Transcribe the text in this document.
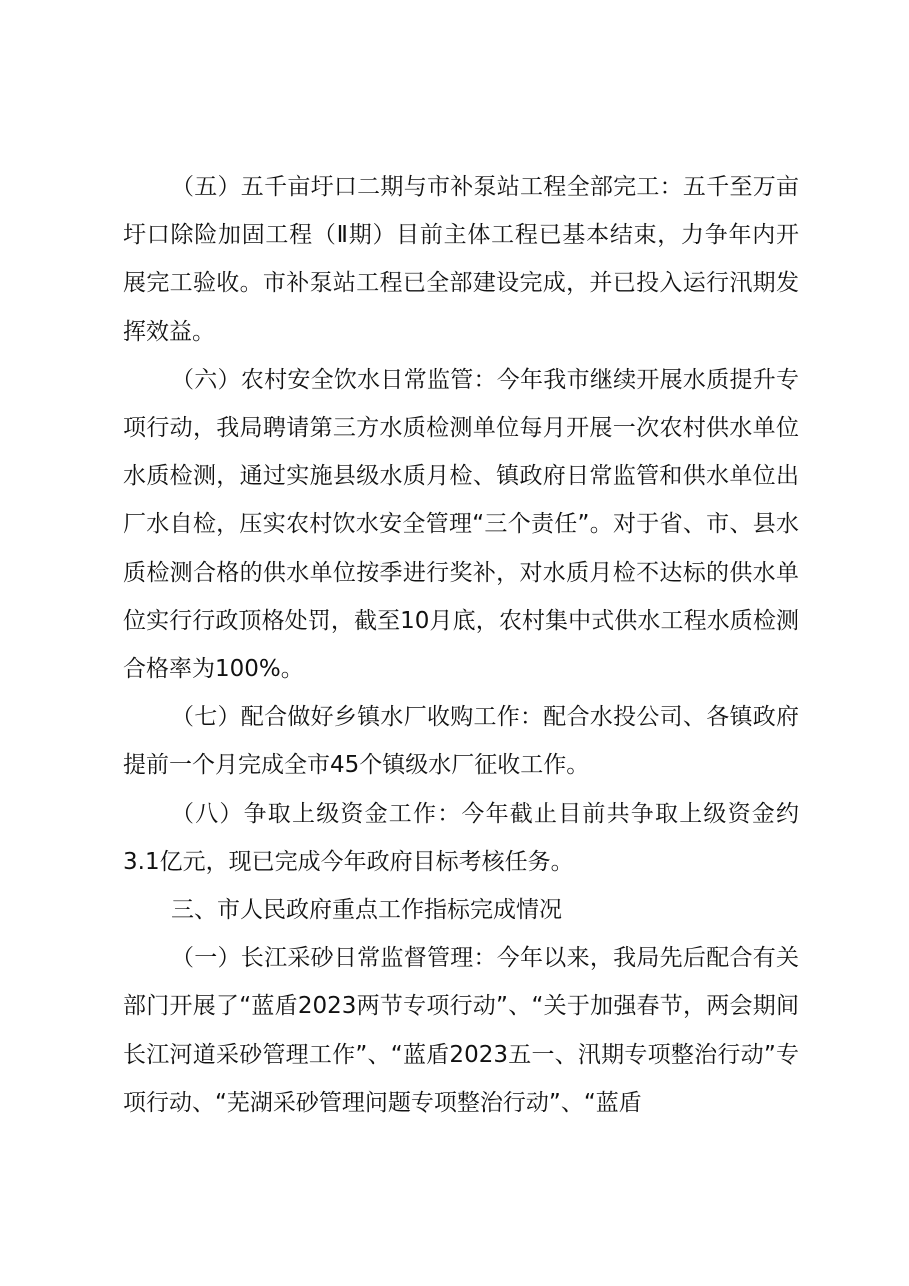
（五）五千亩圩口二期与市补泵站工程全部完工：五千至万亩圩口除险加固工程（Ⅱ期）目前主体工程已基本结束，力争年内开展完工验收。市补泵站工程已全部建设完成，并已投入运行汛期发挥效益。

（六）农村安全饮水日常监管：今年我市继续开展水质提升专项行动，我局聘请第三方水质检测单位每月开展一次农村供水单位水质检测，通过实施县级水质月检、镇政府日常监管和供水单位出厂水自检，压实农村饮水安全管理“三个责任”。对于省、市、县水质检测合格的供水单位按季进行奖补，对水质月检不达标的供水单位实行行政顶格处罚，截至10月底，农村集中式供水工程水质检测合格率为100%。

（七）配合做好乡镇水厂收购工作：配合水投公司、各镇政府提前一个月完成全市45个镇级水厂征收工作。

（八）争取上级资金工作：今年截止目前共争取上级资金约3.1亿元，现已完成今年政府目标考核任务。

三、市人民政府重点工作指标完成情况

（一）长江采砂日常监督管理：今年以来，我局先后配合有关部门开展了“蓝盾2023两节专项行动”、“关于加强春节，两会期间长江河道采砂管理工作”、“蓝盾2023五一、汛期专项整治行动”专项行动、“芜湖采砂管理问题专项整治行动”、“蓝盾
